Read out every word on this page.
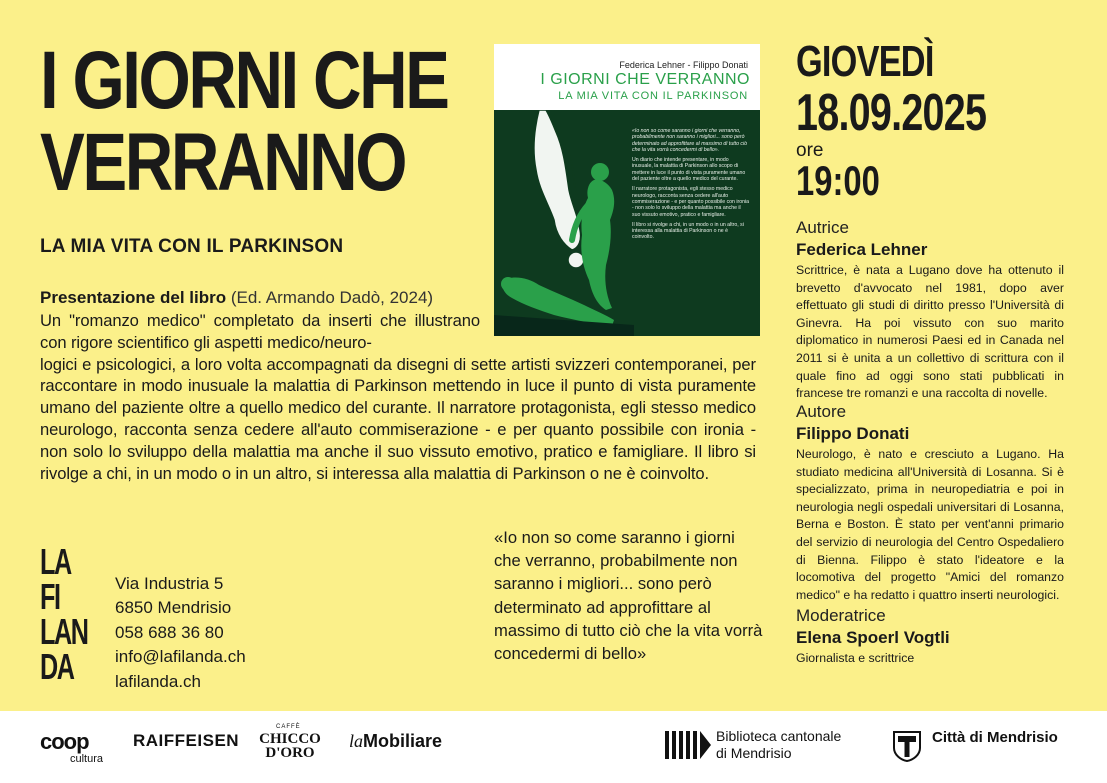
I GIORNI CHE
VERRANNO
LA MIA VITA CON IL PARKINSON
Federica Lehner - Filippo Donati
I GIORNI CHE VERRANNO
LA MIA VITA CON IL PARKINSON

«Io non so come saranno i giorni che verranno, probabilmente non saranno i migliori... sono però determinato ad approfittare al massimo di tutto ciò che la vita vorrà concedermi di bello».

Un diario che intende presentare, in modo inusuale, la malattia di Parkinson allo scopo di mettere in luce il punto di vista puramente umano del paziente oltre a quello medico del curante.

Il narratore protagonista, egli stesso medico neurologo, racconta senza cedere all'auto commiserazione - e per quanto possibile con ironia - non solo lo sviluppo della malattia ma anche il suo vissuto emotivo, pratico e famigliare.

Il libro si rivolge a chi, in un modo o in un altro, si interessa alla malattia di Parkinson o ne è coinvolto.

Presentazione del libro (Ed. Armando Dadò, 2024)
Un "romanzo medico" completato da inserti che illustrano con rigore scientifico gli aspetti medico/neuro-
logici e psicologici, a loro volta accompagnati da disegni di sette artisti svizzeri contemporanei, per raccontare in modo inusuale la malattia di Parkinson mettendo in luce il punto di vista puramente umano del paziente oltre a quello medico del curante. Il narratore protagonista, egli stesso medico neurologo, racconta senza cedere all'auto commiserazione - e per quanto possibile con ironia - non solo lo sviluppo della malattia ma anche il suo vissuto emotivo, pratico e famigliare. Il libro si rivolge a chi, in un modo o in un altro, si interessa alla malattia di Parkinson o ne è coinvolto.
LA
FI
LAN
DA
Via Industria 5
6850 Mendrisio
058 688 36 80
info@lafilanda.ch
lafilanda.ch
«Io non so come saranno i giorni che verranno, probabilmente non saranno i migliori... sono però determinato ad approfittare al massimo di tutto ciò che la vita vorrà concedermi di bello»
GIOVEDÌ
18.09.2025
ore
19:00
Autrice
Federica Lehner
Scrittrice, è nata a Lugano dove ha ottenuto il brevetto d'avvocato nel 1981, dopo aver effettuato gli studi di diritto presso l'Università di Ginevra. Ha poi vissuto con suo marito diplomatico in numerosi Paesi ed in Canada nel 2011 si è unita a un collettivo di scrittura con il quale fino ad oggi sono stati pubblicati in francese tre romanzi e una raccolta di novelle.
Autore
Filippo Donati
Neurologo, è nato e cresciuto a Lugano. Ha studiato medicina all'Università di Losanna. Si è specializzato, prima in neuropediatria e poi in neurologia negli ospedali universitari di Losanna, Berna e Boston. È stato per vent'anni primario del servizio di neurologia del Centro Ospedaliero di Bienna. Filippo è stato l'ideatore e la locomotiva del progetto "Amici del romanzo medico" e ha redatto i quattro inserti neurologici.
Moderatrice
Elena Spoerl Vogtli
Giornalista e scrittrice
coop
cultura
RAIFFEISEN
CAFFÈ
CHICCO
D'ORO
laMobiliare	Biblioteca cantonale
di Mendrisio
Città di Mendrisio
